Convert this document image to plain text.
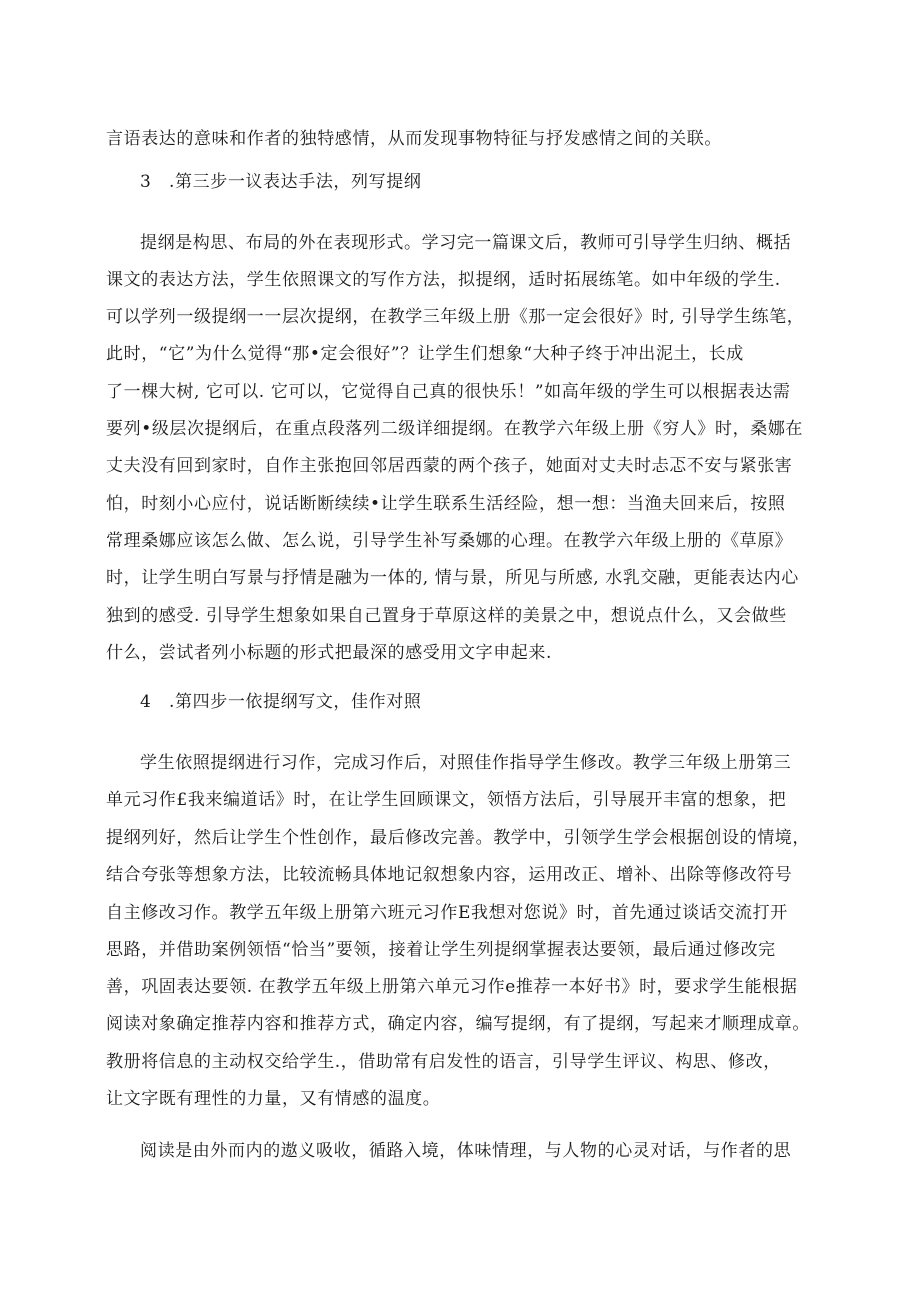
言语表达的意味和作者的独特感情，从而发现事物特征与抒发感情之间的关联。
3　.第三步一议表达手法，列写提纲
提纲是构思、布局的外在表现形式。学习完一篇课文后，教师可引导学生归纳、概括
课文的表达方法，学生依照课文的写作方法，拟提纲，适时拓展练笔。如中年级的学生.
可以学列一级提纲一一层次提纲，在教学三年级上册《那一定会很好》时, 引导学生练笔，
此时，“它”为什么觉得“那•定会很好”？让学生们想象“大种子终于冲出泥土，长成
了一棵大树, 它可以. 它可以，它觉得自己真的很快乐！”如高年级的学生可以根据表达需
要列•级层次提纲后，在重点段落列二级详细提纲。在教学六年级上册《穷人》时，桑娜在
丈夫没有回到家时，自作主张抱回邻居西蒙的两个孩子，她面对丈夫时忐忑不安与紧张害
怕，时刻小心应付，说话断断续续•让学生联系生活经险，想一想：当渔夫回来后，按照
常理桑娜应该怎么做、怎么说，引导学生补写桑娜的心理。在教学六年级上册的《草原》
时，让学生明白写景与抒情是融为一体的, 情与景，所见与所感, 水乳交融，更能表达内心
独到的感受. 引导学生想象如果自己置身于草原这样的美景之中，想说点什么，又会做些
什么，尝试者列小标题的形式把最深的感受用文字申起来.
4　.第四步一依提纲写文，佳作对照
学生依照提纲进行习作，完成习作后，对照佳作指导学生修改。教学三年级上册第三
单元习作£我来编道话》时，在让学生回顾课文，领悟方法后，引导展开丰富的想象，把
提纲列好，然后让学生个性创作，最后修改完善。教学中，引领学生学会根据创设的情境，
结合夸张等想象方法，比较流畅具体地记叙想象内容，运用改正、增补、出除等修改符号
自主修改习作。教学五年级上册第六班元习作E我想对您说》时，首先通过谈话交流打开
思路，并借助案例领悟“恰当”要领，接着让学生列提纲掌握表达要领，最后通过修改完
善，巩固表达要领. 在教学五年级上册第六单元习作e推荐一本好书》时，要求学生能根据
阅读对象确定推荐内容和推荐方式，确定内容，编写提纲，有了提纲，写起来才顺理成章。
教册将信息的主动权交给学生.，借助常有启发性的语言，引导学生评议、构思、修改，
让文字既有理性的力量，又有情感的温度。
阅读是由外而内的遨义吸收，循路入境，体味情理，与人物的心灵对话，与作者的思
